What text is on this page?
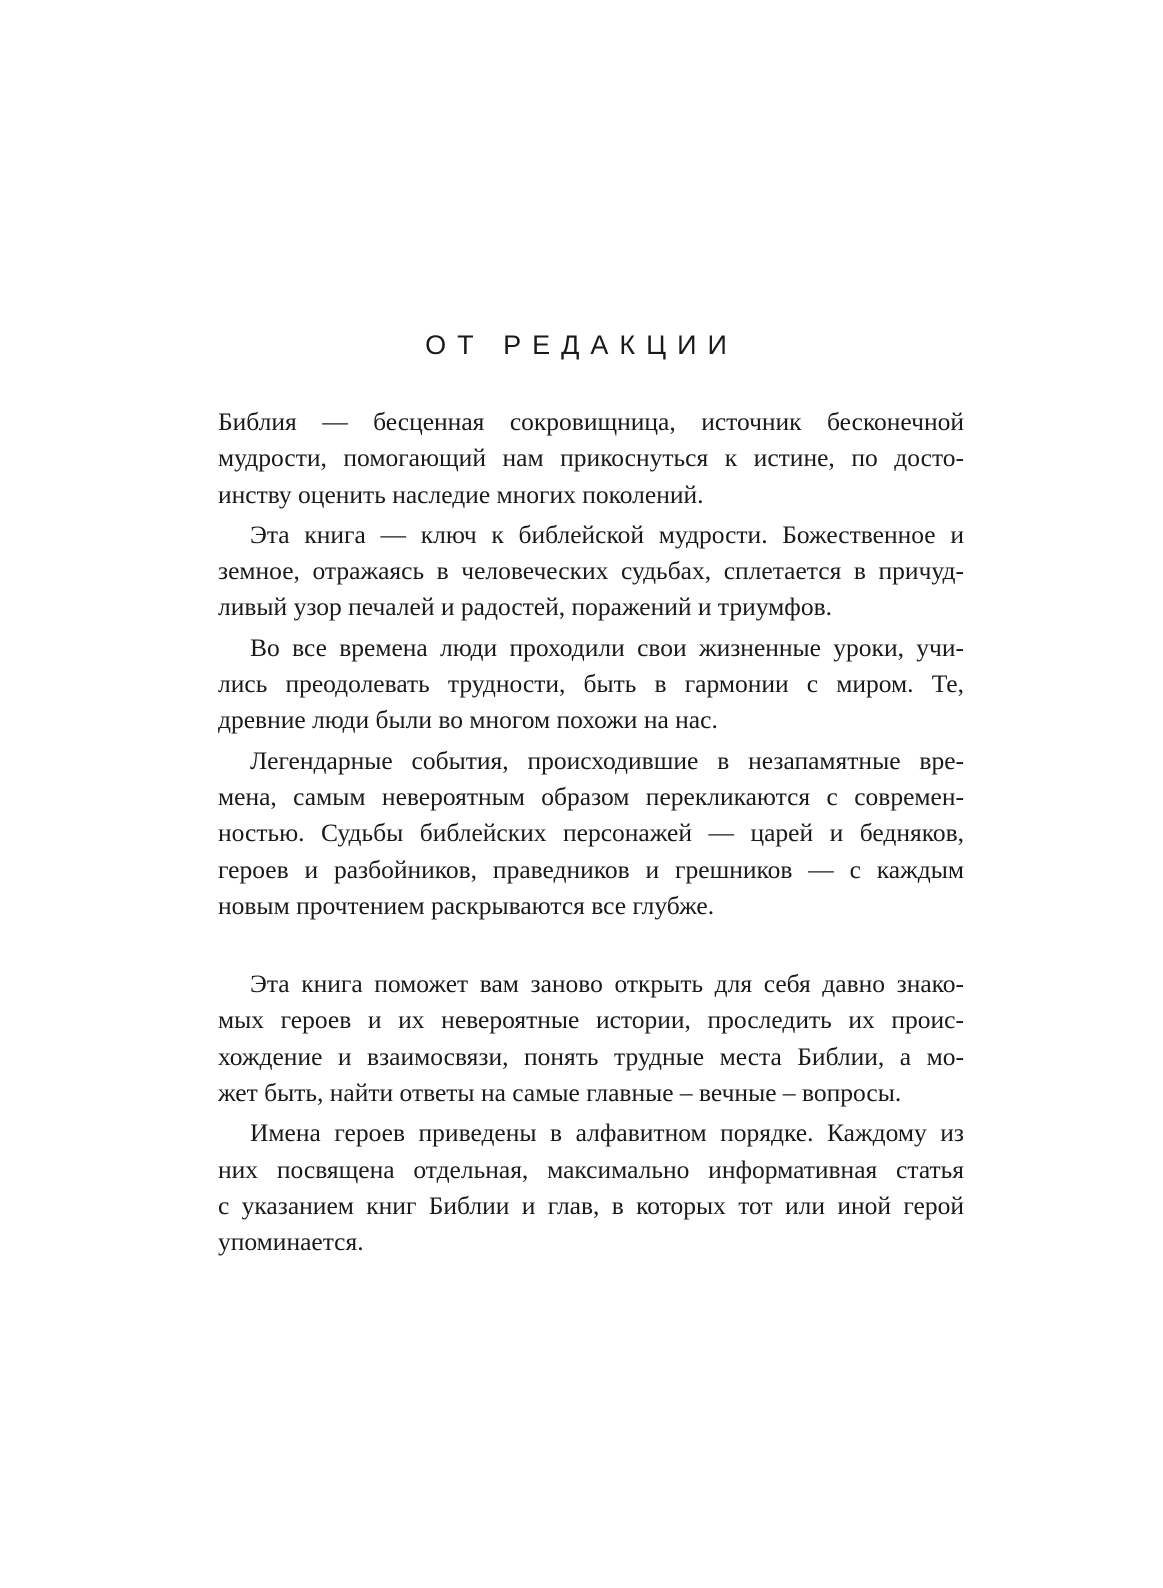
ОТ РЕДАКЦИИ
Библия — бесценная сокровищница, источник бесконечной
мудрости, помогающий нам прикоснуться к истине, по досто-
инству оценить наследие многих поколений.
Эта книга — ключ к библейской мудрости. Божественное и
земное, отражаясь в человеческих судьбах, сплетается в причуд-
ливый узор печалей и радостей, поражений и триумфов.
Во все времена люди проходили свои жизненные уроки, учи-
лись преодолевать трудности, быть в гармонии с миром. Те,
древние люди были во многом похожи на нас.
Легендарные события, происходившие в незапамятные вре-
мена, самым невероятным образом перекликаются с современ-
ностью. Судьбы библейских персонажей — царей и бедняков,
героев и разбойников, праведников и грешников — с каждым
новым прочтением раскрываются все глубже.
Эта книга поможет вам заново открыть для себя давно знако-
мых героев и их невероятные истории, проследить их проис-
хождение и взаимосвязи, понять трудные места Библии, а мо-
жет быть, найти ответы на самые главные – вечные – вопросы.
Имена героев приведены в алфавитном порядке. Каждому из
них посвящена отдельная, максимально информативная статья
с указанием книг Библии и глав, в которых тот или иной герой
упоминается.
